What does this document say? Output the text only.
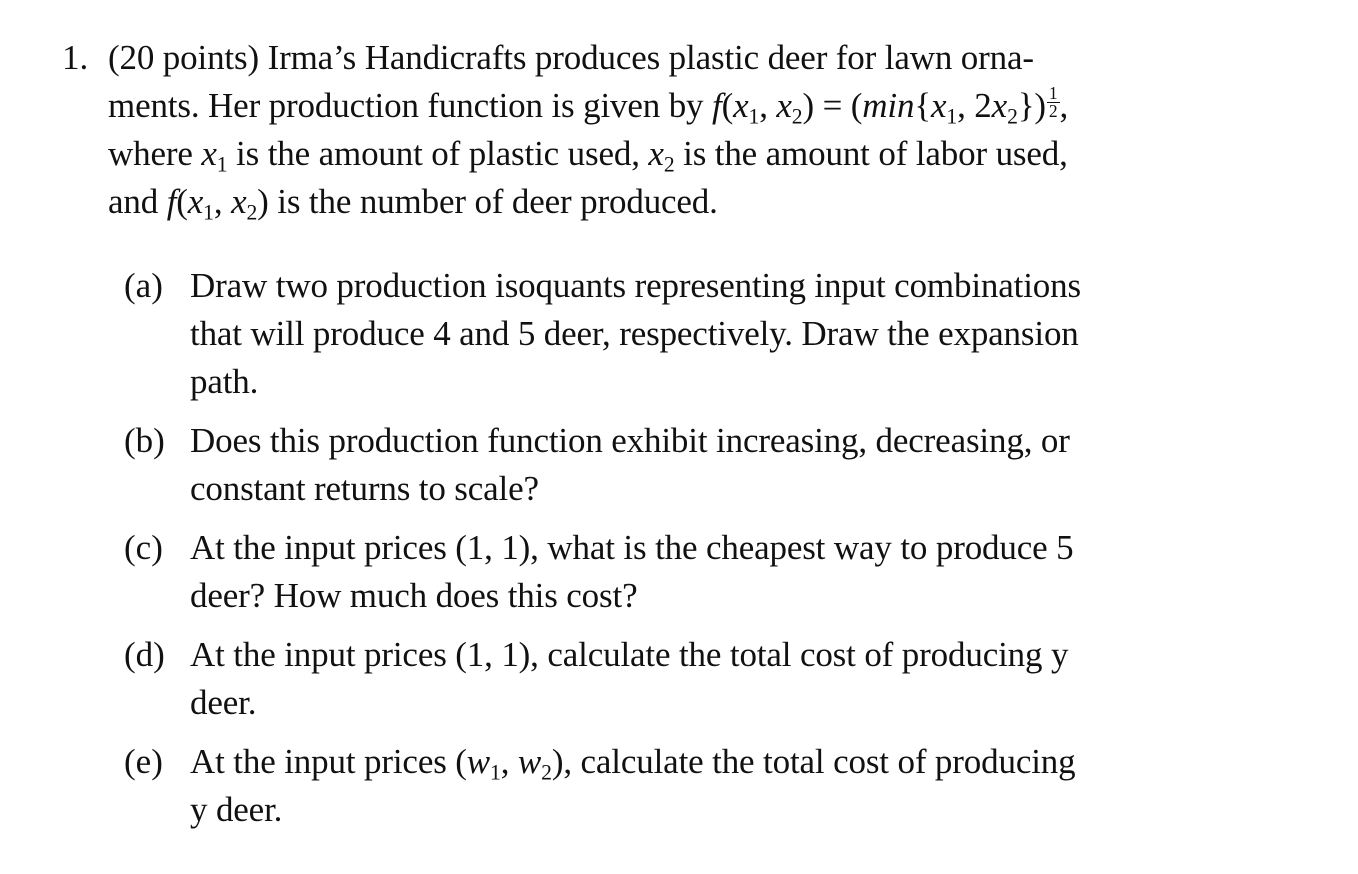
1. (20 points) Irma’s Handicrafts produces plastic deer for lawn orna-
ments. Her production function is given by $f(x_1$, $x_2) = (\min\{x_1$, $2x_2\}) \frac{1}{2}$ ,
where $x_1$ is the amount of plastic used, $x_2$ is the amount of labor used,
and $f(x_1$, $x_2$) is the number of deer produced.
(a) Draw two production isoquants representing input combinations
that will produce 4 and 5 deer, respectively. Draw the expansion
path.
(b) Does this production function exhibit increasing, decreasing, or
constant returns to scale?
(c) At the input prices (1, 1), what is the cheapest way to produce 5
deer? How much does this cost?
(d) At the input prices (1, 1), calculate the total cost of producing y
deer.
(e) At the input prices ($w_1$, $w_2$), calculate the total cost of producing
y deer.
